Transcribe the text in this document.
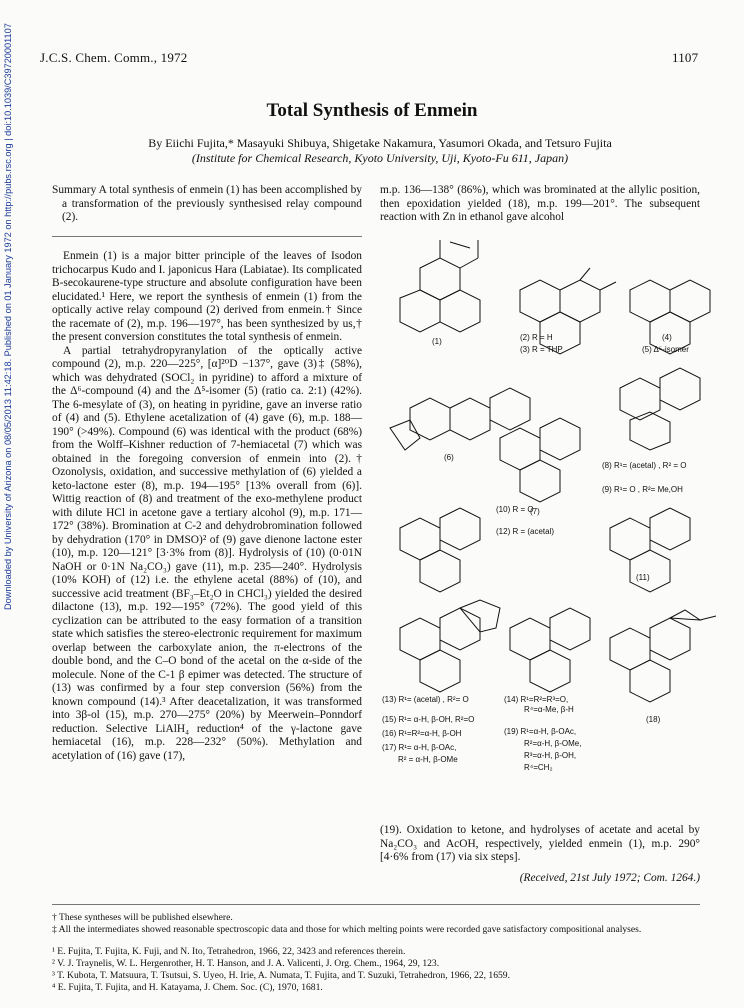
J.C.S. Chem. Comm., 1972	1107
Total Synthesis of Enmein
By Eiichi Fujita,* Masayuki Shibuya, Shigetake Nakamura, Yasumori Okada, and Tetsuro Fujita
(Institute for Chemical Research, Kyoto University, Uji, Kyoto-Fu 611, Japan)
Downloaded by University of Arizona on 08/05/2013 11:42:18. Published on 01 January 1972 on http://pubs.rsc.org | doi:10.1039/C39720001107	Summary A total synthesis of enmein (1) has been accomplished by a transformation of the previously synthesised relay compound (2).

Enmein (1) is a major bitter principle of the leaves of Isodon trichocarpus Kudo and I. japonicus Hara (Labiatae). Its complicated B-secokaurene-type structure and absolute configuration have been elucidated.¹ Here, we report the synthesis of enmein (1) from the optically active relay compound (2) derived from enmein.† Since the racemate of (2), m.p. 196—197°, has been synthesized by us,† the present conversion constitutes the total synthesis of enmein.

A partial tetrahydropyranylation of the optically active compound (2), m.p. 220—225°, [α]²⁰D −137°, gave (3)‡ (58%), which was dehydrated (SOCl₂ in pyridine) to afford a mixture of the Δ⁶-compound (4) and the Δ⁵-isomer (5) (ratio ca. 2:1) (42%). The 6-mesylate of (3), on heating in pyridine, gave an inverse ratio of (4) and (5). Ethylene acetalization of (4) gave (6), m.p. 188—190° (>49%). Compound (6) was identical with the product (68%) from the Wolff–Kishner reduction of 7-hemiacetal (7) which was obtained in the foregoing conversion of enmein into (2).† Ozonolysis, oxidation, and successive methylation of (6) yielded a keto-lactone ester (8), m.p. 194—195° [13% overall from (6)]. Wittig reaction of (8) and treatment of the exo-methylene product with dilute HCl in acetone gave a tertiary alcohol (9), m.p. 171—172° (38%). Bromination at C-2 and dehydrobromination followed by dehydration (170° in DMSO)² of (9) gave dienone lactone ester (10), m.p. 120—121° [3·3% from (8)]. Hydrolysis of (10) (0·01N NaOH or 0·1N Na₂CO₃) gave (11), m.p. 235—240°. Hydrolysis (10% KOH) of (12) i.e. the ethylene acetal (88%) of (10), and successive acid treatment (BF₃–Et₂O in CHCl₃) yielded the desired dilactone (13), m.p. 192—195° (72%). The good yield of this cyclization can be attributed to the easy formation of a transition state which satisfies the stereo-electronic requirement for maximum overlap between the carboxylate anion, the π-electrons of the double bond, and the C–O bond of the acetal on the α-side of the molecule. None of the C-1 β epimer was detected. The structure of (13) was confirmed by a four step conversion (56%) from the known compound (14).³ After deacetalization, it was transformed into 3β-ol (15), m.p. 270—275° (20%) by Meerwein–Ponndorf reduction. Selective LiAlH₄ reduction⁴ of the γ-lactone gave hemiacetal (16), m.p. 228—232° (50%). Methylation and acetylation of (16) gave (17),

m.p. 136—138° (86%), which was brominated at the allylic position, then epoxidation yielded (18), m.p. 199—201°. The subsequent reaction with Zn in ethanol gave alcohol
(1)	(2) R = H
(3) R = THP
(4)
(5) Δ⁵-isomer
(6)
(7)
(8) R¹= (acetal) , R² = O
(9) R¹= O , R²= Me,OH
(10) R = O
(12) R = (acetal)
(11)
(13) R¹= (acetal) , R²= O	(14) R¹=R²=R³=O,
R⁴=α-Me, β-H
(15) R¹= α-H, β-OH, R²=O
(16) R¹=R²=α-H, β-OH
(17) R¹= α-H, β-OAc,
R² = α-H, β-OMe
(19) R¹=α-H, β-OAc,
R²=α-H, β-OMe,
R³=α-H, β-OH,
R⁴=CH₂
(18)
(19). Oxidation to ketone, and hydrolyses of acetate and acetal by Na₂CO₃ and AcOH, respectively, yielded enmein (1), m.p. 290° [4·6% from (17) via six steps].
(Received, 21st July 1972; Com. 1264.)

† These syntheses will be published elsewhere.

‡ All the intermediates showed reasonable spectroscopic data and those for which melting points were recorded gave satisfactory compositional analyses.

¹ E. Fujita, T. Fujita, K. Fuji, and N. Ito, Tetrahedron, 1966, 22, 3423 and references therein.

² V. J. Traynelis, W. L. Hergenrother, H. T. Hanson, and J. A. Valicenti, J. Org. Chem., 1964, 29, 123.

³ T. Kubota, T. Matsuura, T. Tsutsui, S. Uyeo, H. Irie, A. Numata, T. Fujita, and T. Suzuki, Tetrahedron, 1966, 22, 1659.

⁴ E. Fujita, T. Fujita, and H. Katayama, J. Chem. Soc. (C), 1970, 1681.
